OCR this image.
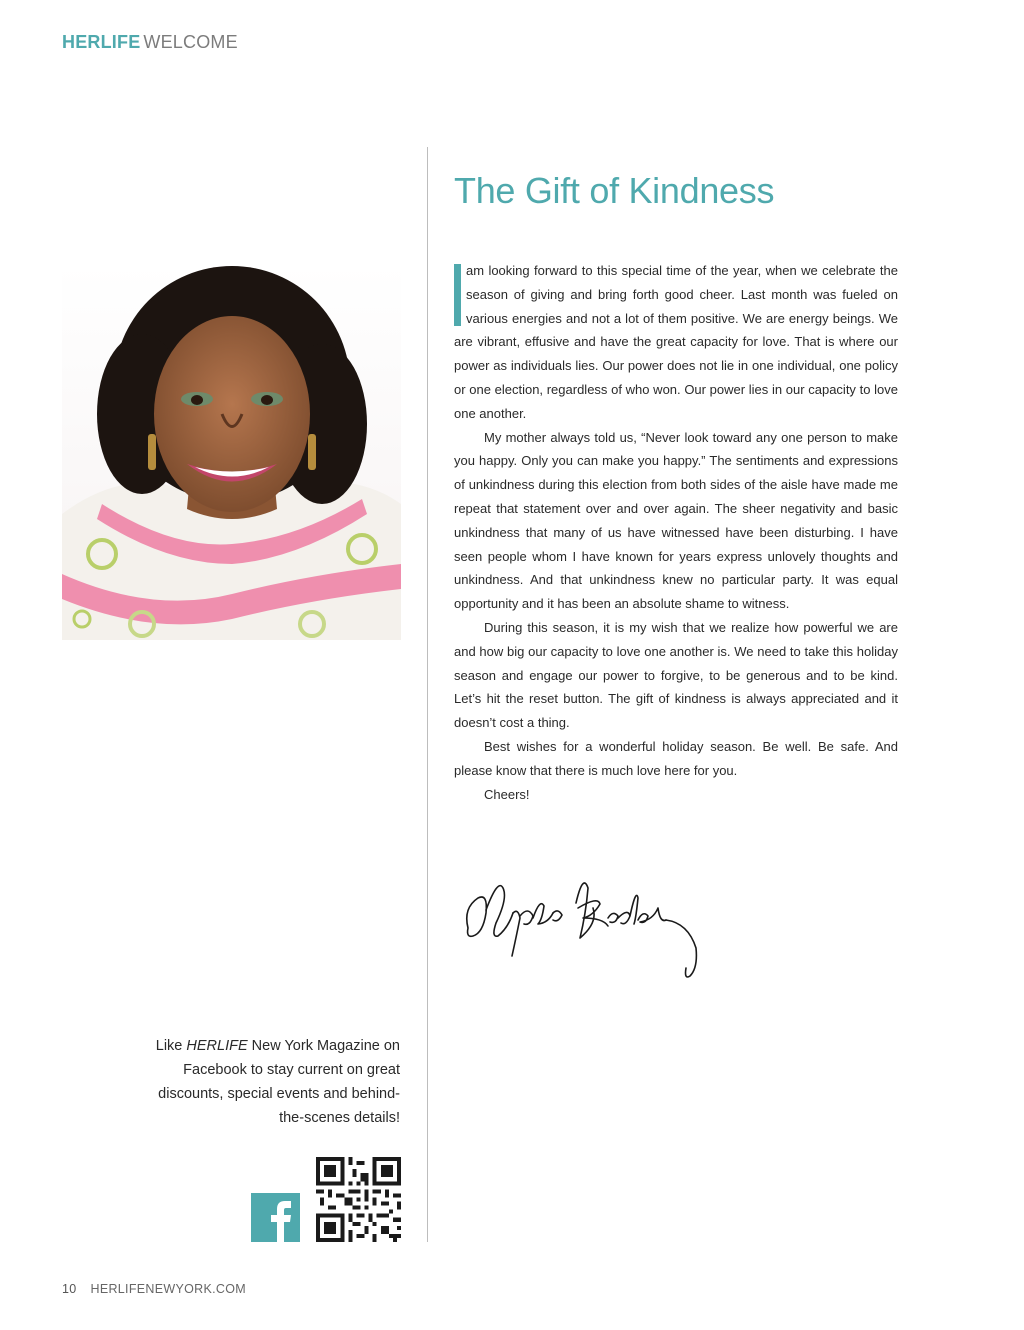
HERLIFE WELCOME
The Gift of Kindness

am looking forward to this special time of the year, when we celebrate the season of giving and bring forth good cheer. Last month was fueled on various energies and not a lot of them positive. We are energy beings. We are vibrant, effusive and have the great capacity for love. That is where our power as individuals lies. Our power does not lie in one individual, one policy or one election, regardless of who won. Our power lies in our capacity to love one another.

My mother always told us, “Never look toward any one person to make you happy. Only you can make you happy.” The sentiments and expressions of unkindness during this election from both sides of the aisle have made me repeat that statement over and over again. The sheer negativity and basic unkindness that many of us have witnessed have been disturbing. I have seen people whom I have known for years express unlovely thoughts and unkindness. And that unkindness knew no particular party. It was equal opportunity and it has been an absolute shame to witness.

During this season, it is my wish that we realize how powerful we are and how big our capacity to love one another is. We need to take this holiday season and engage our power to forgive, to be generous and to be kind. Let’s hit the reset button. The gift of kindness is always appreciated and it doesn’t cost a thing.

Best wishes for a wonderful holiday season. Be well. Be safe. And please know that there is much love here for you.

Cheers!

Like HERLIFE New York Magazine on Facebook to stay current on great discounts, special events and behind-the-scenes details!
10 HERLIFENEWYORK.COM
